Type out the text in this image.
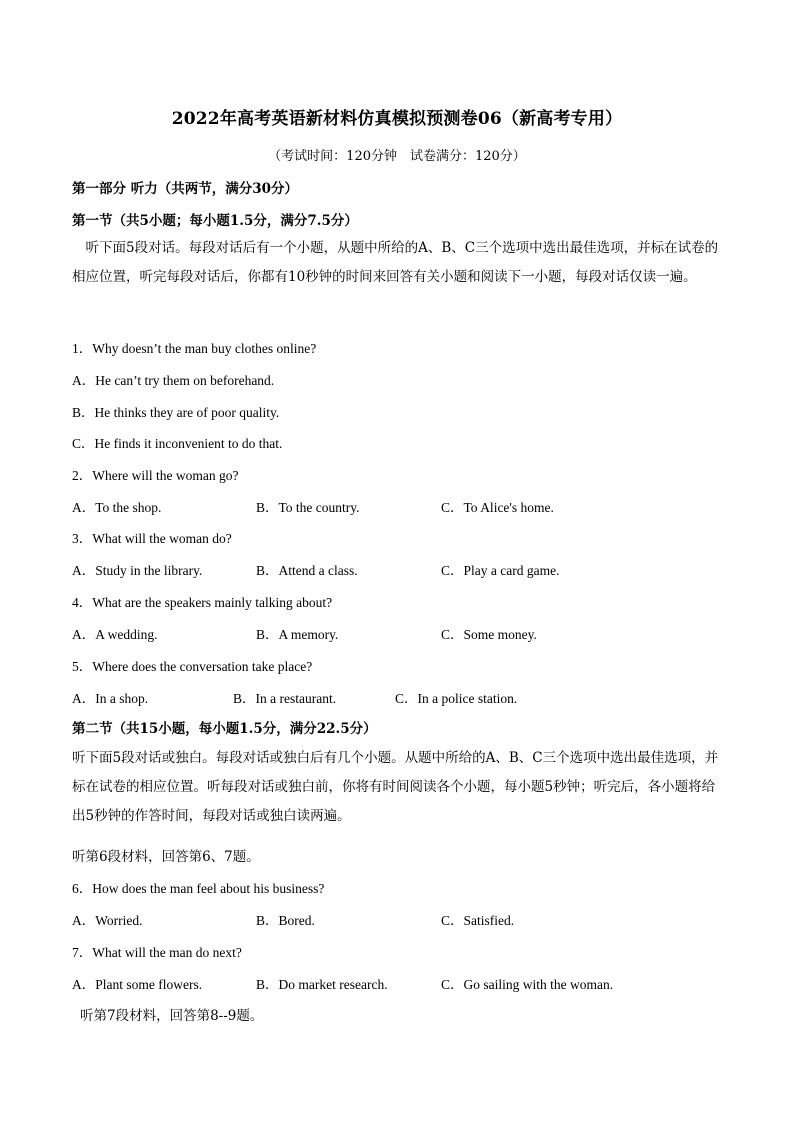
2022年高考英语新材料仿真模拟预测卷06（新高考专用）
（考试时间：120分钟　试卷满分：120分）
第一部分 听力（共两节，满分30分）
第一节（共5小题；每小题1.5分，满分7.5分）
听下面5段对话。每段对话后有一个小题，从题中所给的A、B、C三个选项中选出最佳选项，并标在试卷的相应位置，听完每段对话后，你都有10秒钟的时间来回答有关小题和阅读下一小题，每段对话仅读一遍。
1．Why doesn’t the man buy clothes online?
A．He can’t try them on beforehand.
B．He thinks they are of poor quality.
C．He finds it inconvenient to do that.
2．Where will the woman go?
A．To the shop.	B．To the country.	C．To Alice's home.
3．What will the woman do?
A．Study in the library.	B．Attend a class.	C．Play a card game.
4．What are the speakers mainly talking about?
A．A wedding.	B．A memory.	C．Some money.
5．Where does the conversation take place?
A．In a shop.	B．In a restaurant.	C．In a police station.
第二节（共15小题，每小题1.5分，满分22.5分）
听下面5段对话或独白。每段对话或独白后有几个小题。从题中所给的A、B、C三个选项中选出最佳选项，并标在试卷的相应位置。听每段对话或独白前，你将有时间阅读各个小题，每小题5秒钟；听完后，各小题将给出5秒钟的作答时间，每段对话或独白读两遍。
听第6段材料，回答第6、7题。
6．How does the man feel about his business?
A．Worried.	B．Bored.	C．Satisfied.
7．What will the man do next?
A．Plant some flowers.	B．Do market research.	C．Go sailing with the woman.
听第7段材料，回答第8--9题。
